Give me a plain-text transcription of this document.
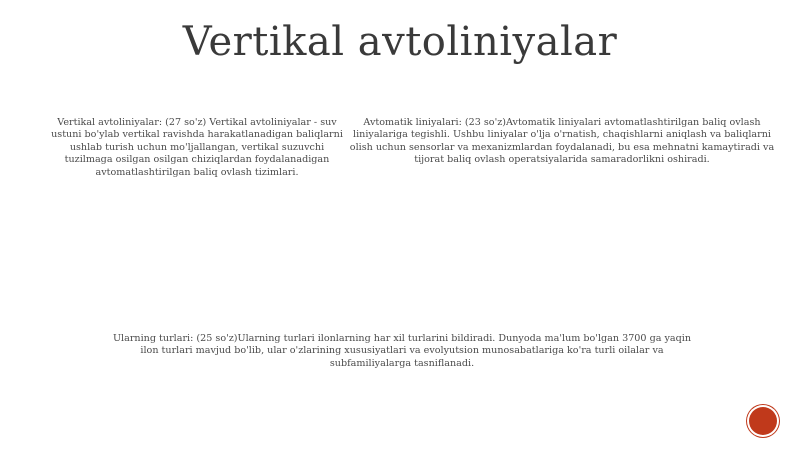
Vertikal avtoliniyalar
Vertikal avtoliniyalar: (27 so'z) Vertikal avtoliniyalar - suv ustuni bo'ylab vertikal ravishda harakatlanadigan baliqlarni ushlab turish uchun mo'ljallangan, vertikal suzuvchi tuzilmaga osilgan osilgan chiziqlardan foydalanadigan avtomatlashtirilgan baliq ovlash tizimlari.
Avtomatik liniyalari: (23 so'z)Avtomatik liniyalari avtomatlashtirilgan baliq ovlash liniyalariga tegishli. Ushbu liniyalar o'lja o'rnatish, chaqishlarni aniqlash va baliqlarni olish uchun sensorlar va mexanizmlardan foydalanadi, bu esa mehnatni kamaytiradi va tijorat baliq ovlash operatsiyalarida samaradorlikni oshiradi.
Ularning turlari: (25 so'z)Ularning turlari ilonlarning har xil turlarini bildiradi. Dunyoda ma'lum bo'lgan 3700 ga yaqin ilon turlari mavjud bo'lib, ular o'zlarining xususiyatlari va evolyutsion munosabatlariga ko'ra turli oilalar va subfamiliyalarga tasniflanadi.
